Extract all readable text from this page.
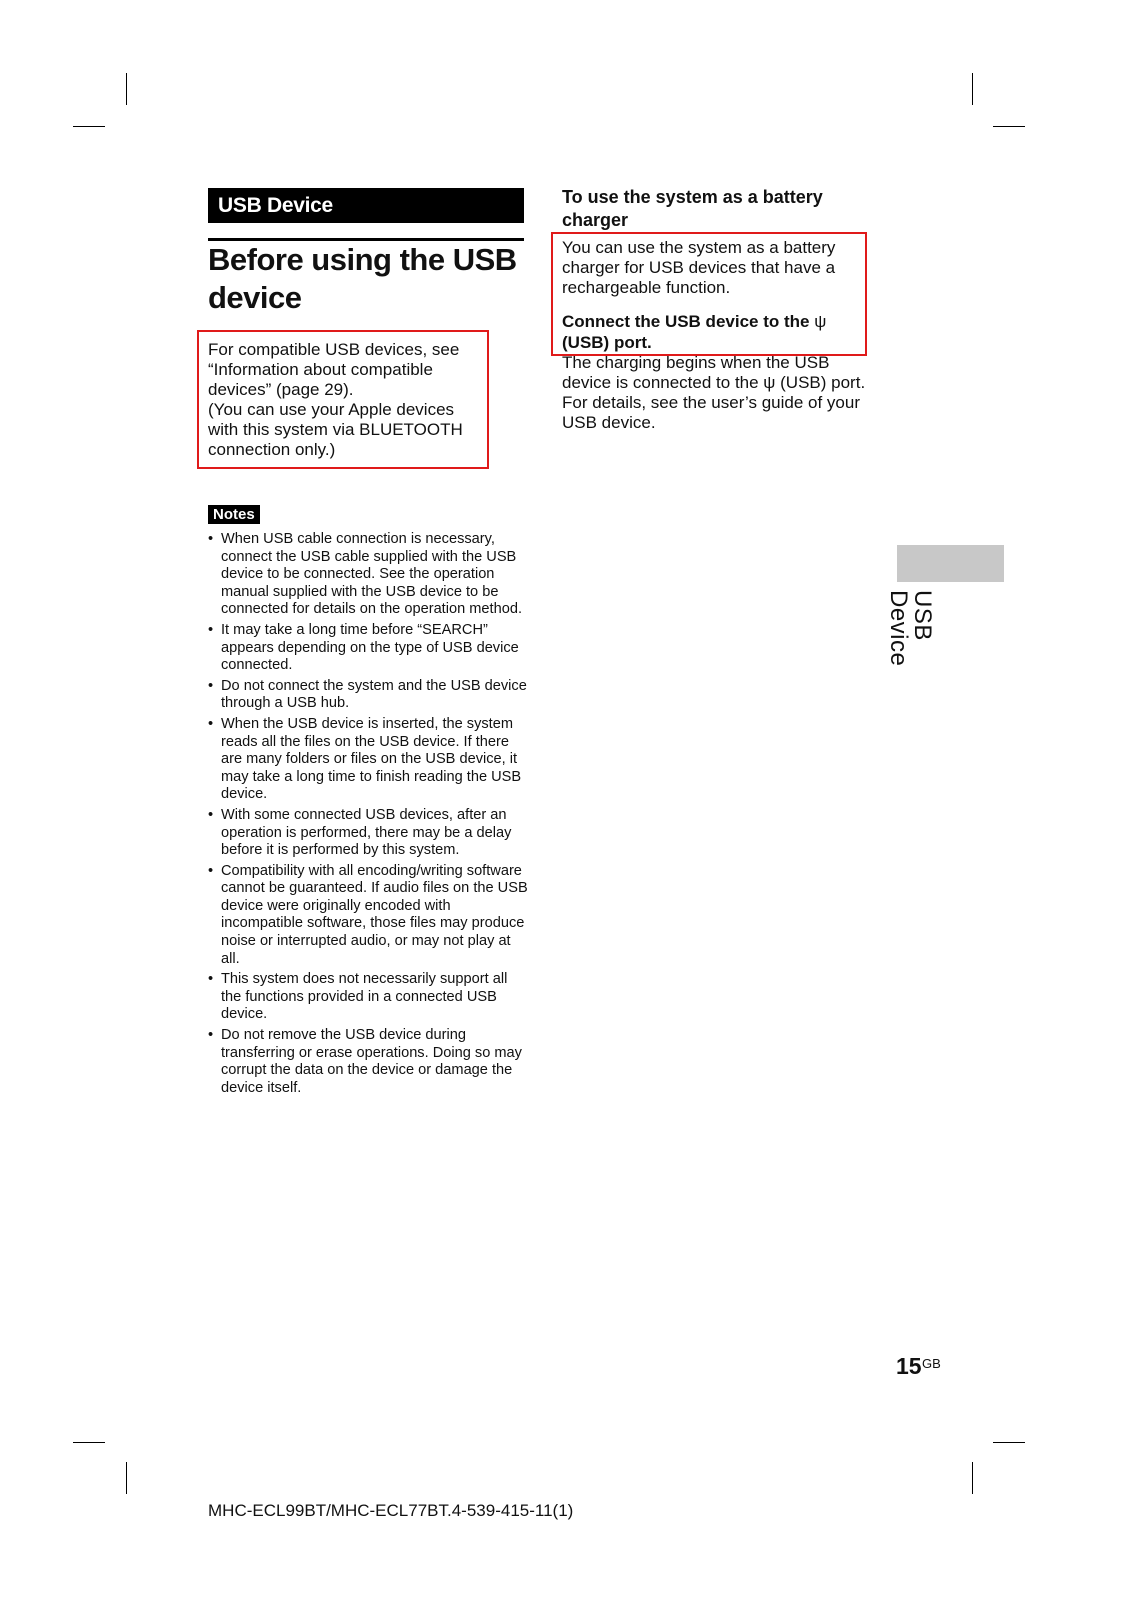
USB Device
Before using the USB device
For compatible USB devices, see “Information about compatible devices” (page 29).
(You can use your Apple devices with this system via BLUETOOTH connection only.)
Notes
• When USB cable connection is necessary, connect the USB cable supplied with the USB device to be connected. See the operation manual supplied with the USB device to be connected for details on the operation method.
• It may take a long time before “SEARCH” appears depending on the type of USB device connected.
• Do not connect the system and the USB device through a USB hub.
• When the USB device is inserted, the system reads all the files on the USB device. If there are many folders or files on the USB device, it may take a long time to finish reading the USB device.
• With some connected USB devices, after an operation is performed, there may be a delay before it is performed by this system.
• Compatibility with all encoding/writing software cannot be guaranteed. If audio files on the USB device were originally encoded with incompatible software, those files may produce noise or interrupted audio, or may not play at all.
• This system does not necessarily support all the functions provided in a connected USB device.
• Do not remove the USB device during transferring or erase operations. Doing so may corrupt the data on the device or damage the device itself.
To use the system as a battery charger

You can use the system as a battery charger for USB devices that have a rechargeable function.

Connect the USB device to the ψ (USB) port.

The charging begins when the USB device is connected to the ψ (USB) port. For details, see the user’s guide of your USB device.

USB Device
15 GB
MHC-ECL99BT/MHC-ECL77BT.4-539-415-11(1)
